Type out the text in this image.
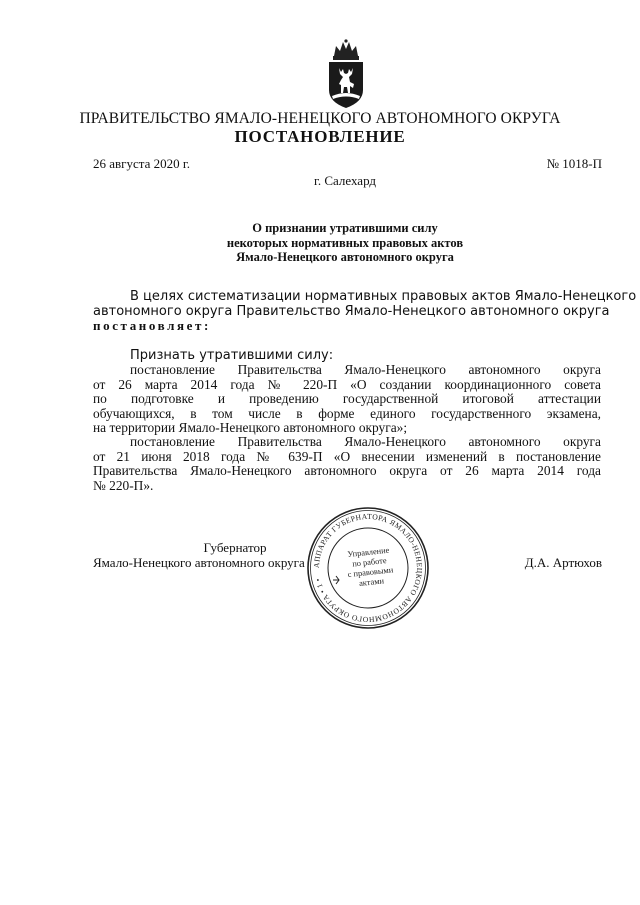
ПРАВИТЕЛЬСТВО ЯМАЛО-НЕНЕЦКОГО АВТОНОМНОГО ОКРУГА
ПОСТАНОВЛЕНИЕ
26 августа 2020 г.	№ 1018-П
г. Салехард
О признании утратившими силу
некоторых нормативных правовых актов
Ямало-Ненецкого автономного округа
В целях систематизации нормативных правовых актов Ямало-Ненецкого
автономного округа Правительство Ямало-Ненецкого автономного округа
постановляет:
Признать утратившими силу:
постановление Правительства Ямало-Ненецкого автономного округа
от 26 марта 2014 года № 220-П «О создании координационного совета
по подготовке и проведению государственной итоговой аттестации
обучающихся, в том числе в форме единого государственного экзамена,
на территории Ямало-Ненецкого автономного округа»;
постановление Правительства Ямало-Ненецкого автономного округа
от 21 июня 2018 года № 639-П «О внесении изменений в постановление
Правительства Ямало-Ненецкого автономного округа от 26 марта 2014 года
№ 220-П».
Губернатор
Ямало-Ненецкого автономного округа	Д.А. Артюхов
АППАРАТ ГУБЕРНАТОРА ЯМАЛО-НЕНЕЦКОГО АВТОНОМНОГО ОКРУГА • 1 •
Управление
по работе
с правовыми
актами
